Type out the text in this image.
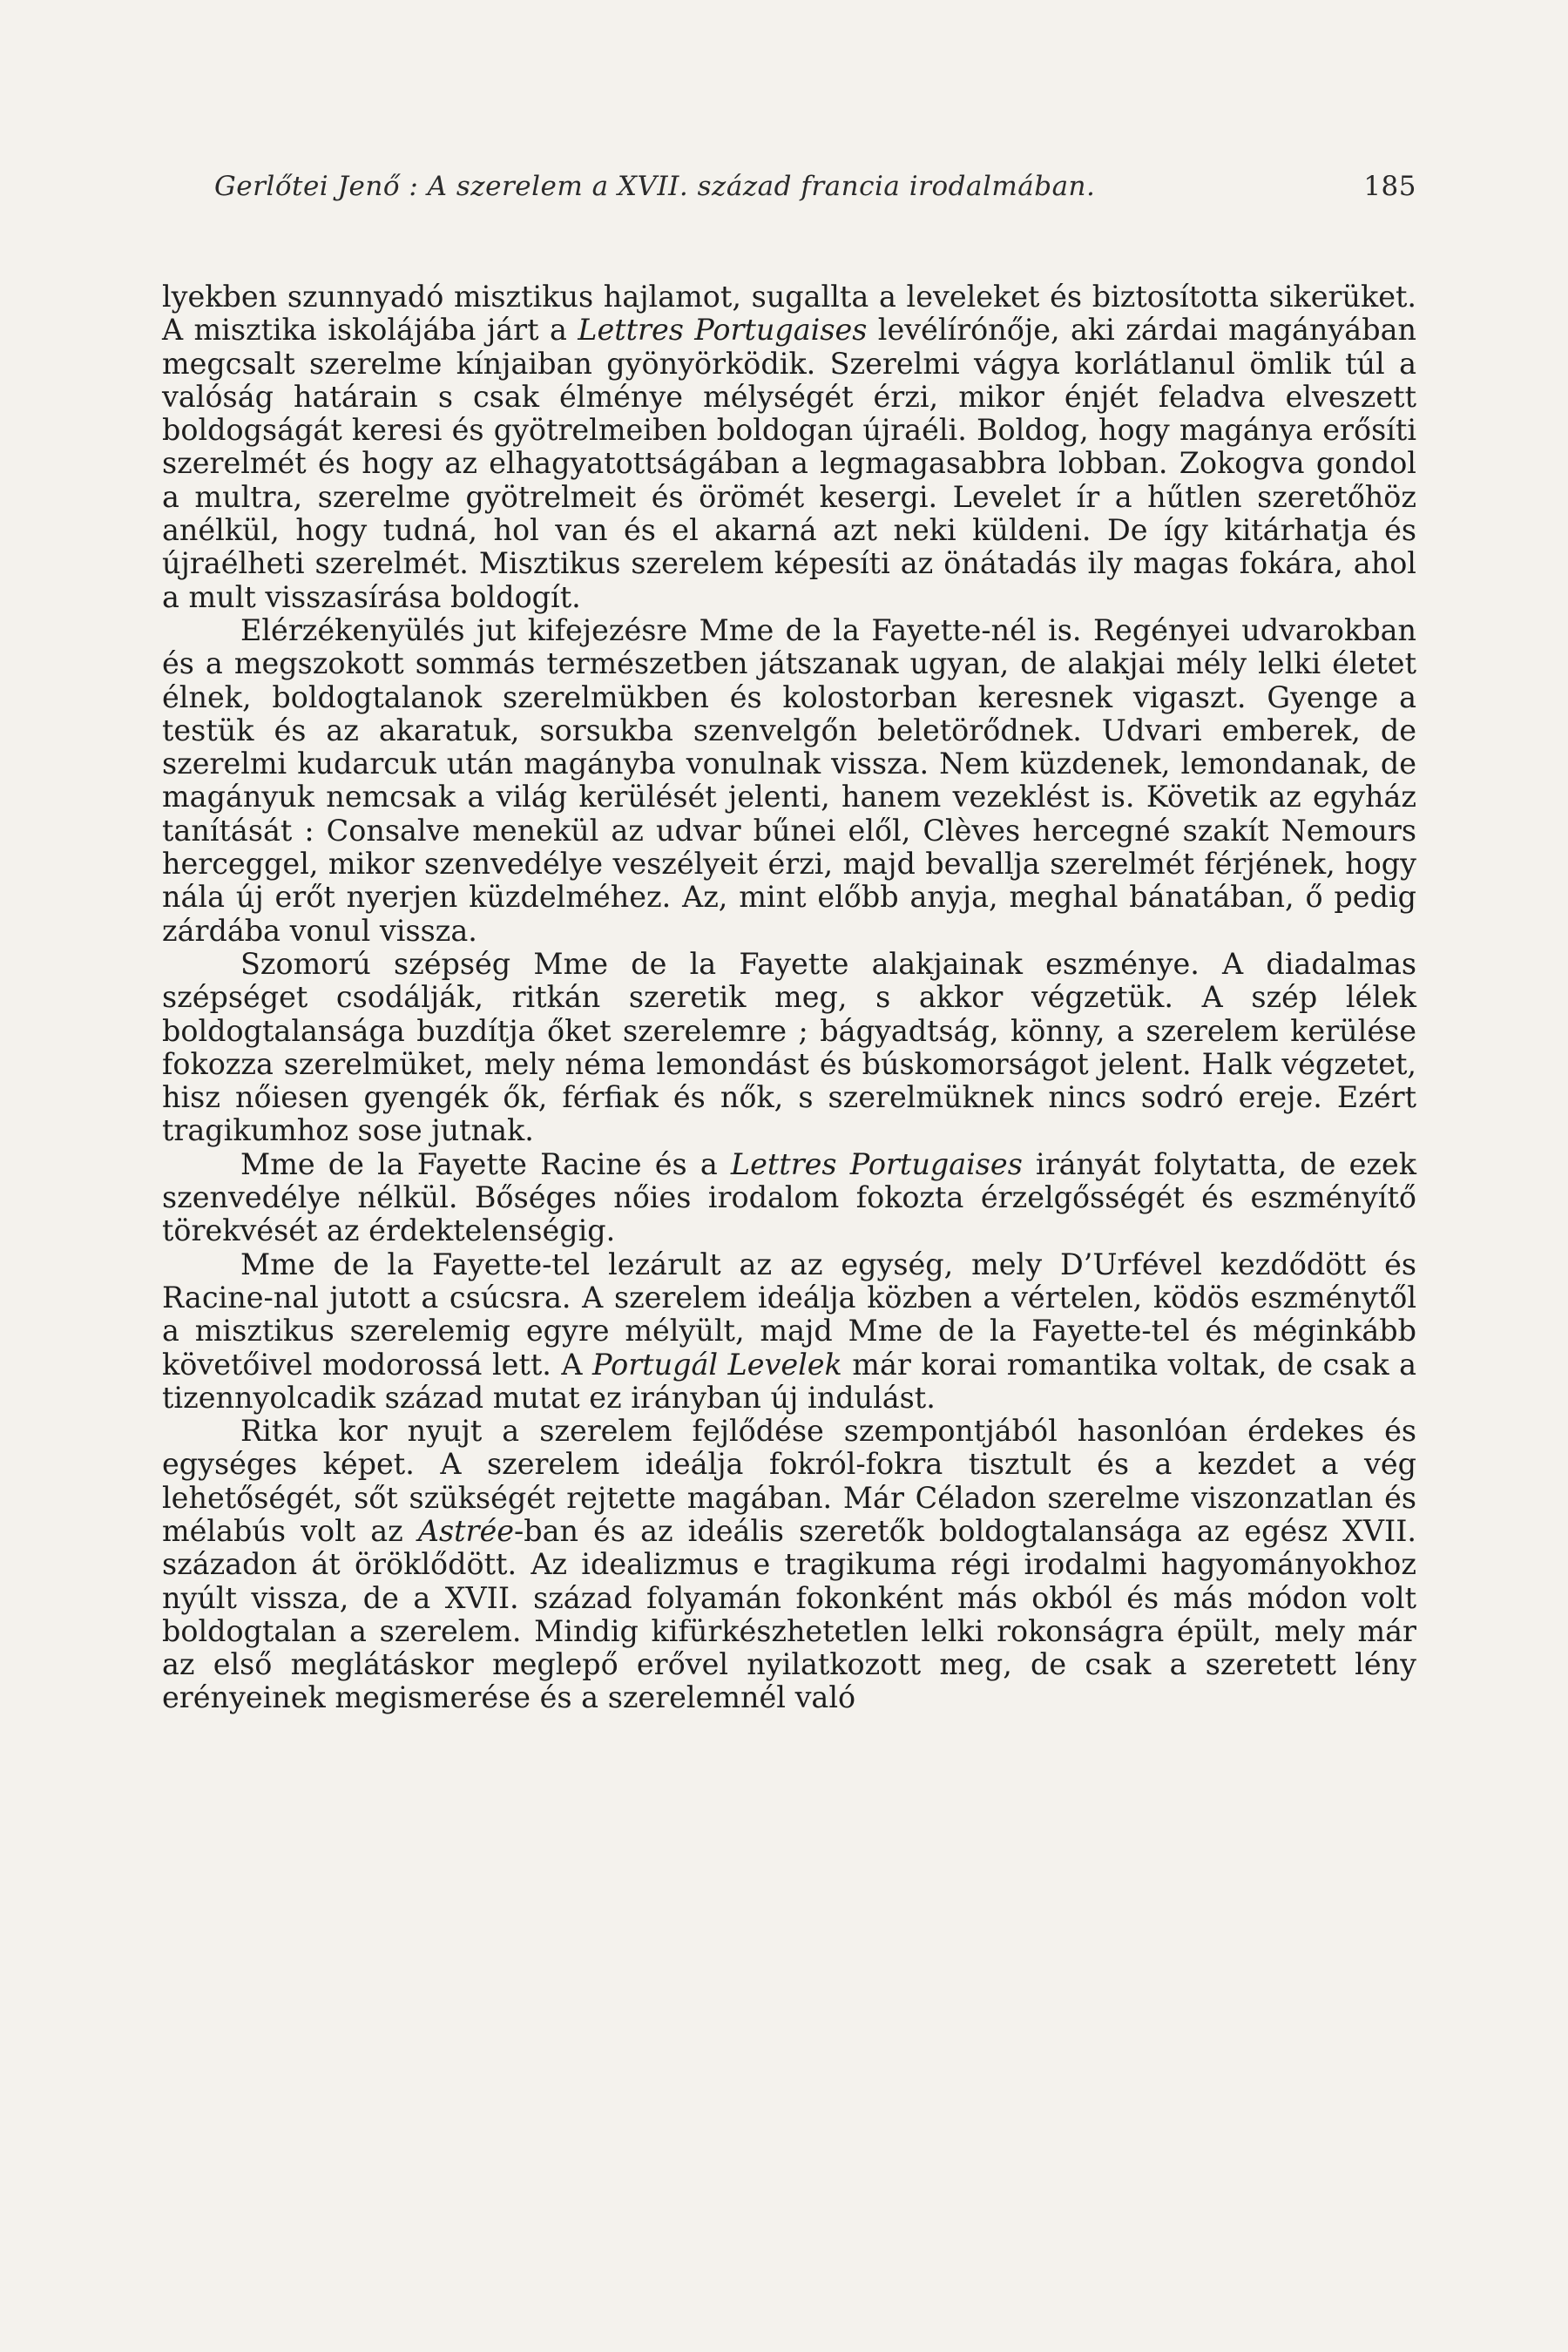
Gerlőtei Jenő : A szerelem a XVII. század francia irodalmában.	185

lyekben szunnyadó misztikus hajlamot, sugallta a leveleket és biztosította sikerüket. A misztika iskolájába járt a Lettres Portugaises levélírónője, aki zárdai magányában megcsalt szerelme kínjaiban gyönyörködik. Szerelmi vágya korlátlanul ömlik túl a valóság határain s csak élménye mélységét érzi, mikor énjét feladva elveszett boldogságát keresi és gyötrelmeiben boldogan újraéli. Boldog, hogy magánya erősíti szerelmét és hogy az elhagyatottságában a legmagasabbra lobban. Zokogva gondol a multra, szerelme gyötrelmeit és örömét kesergi. Levelet ír a hűtlen szeretőhöz anélkül, hogy tudná, hol van és el akarná azt neki küldeni. De így kitárhatja és újraélheti szerelmét. Misztikus szerelem képesíti az önátadás ily magas fokára, ahol a mult visszasírása boldogít.

Elérzékenyülés jut kifejezésre Mme de la Fayette-nél is. Regényei udvarokban és a megszokott sommás természetben játszanak ugyan, de alakjai mély lelki életet élnek, boldogtalanok szerelmükben és kolostorban keresnek vigaszt. Gyenge a testük és az akaratuk, sorsukba szenvelgőn beletörődnek. Udvari emberek, de szerelmi kudarcuk után magányba vonulnak vissza. Nem küzdenek, lemondanak, de magányuk nemcsak a világ kerülését jelenti, hanem vezeklést is. Követik az egyház tanítását : Consalve menekül az udvar bűnei elől, Clèves hercegné szakít Nemours herceggel, mikor szenvedélye veszélyeit érzi, majd bevallja szerelmét férjének, hogy nála új erőt nyerjen küzdelméhez. Az, mint előbb anyja, meghal bánatában, ő pedig zárdába vonul vissza.

Szomorú szépség Mme de la Fayette alakjainak eszménye. A diadalmas szépséget csodálják, ritkán szeretik meg, s akkor végzetük. A szép lélek boldogtalansága buzdítja őket szerelemre ; bágyadtság, könny, a szerelem kerülése fokozza szerelmüket, mely néma lemondást és búskomorságot jelent. Halk végzetet, hisz nőiesen gyengék ők, férfiak és nők, s szerelmüknek nincs sodró ereje. Ezért tragikumhoz sose jutnak.

Mme de la Fayette Racine és a Lettres Portugaises irányát folytatta, de ezek szenvedélye nélkül. Bőséges nőies irodalom fokozta érzelgősségét és eszményítő törekvését az érdektelenségig.

Mme de la Fayette-tel lezárult az az egység, mely D’Urfével kezdődött és Racine-nal jutott a csúcsra. A szerelem ideálja közben a vértelen, ködös eszménytől a misztikus szerelemig egyre mélyült, majd Mme de la Fayette-tel és méginkább követőivel modorossá lett. A Portugál Levelek már korai romantika voltak, de csak a tizennyolcadik század mutat ez irányban új indulást.

Ritka kor nyujt a szerelem fejlődése szempontjából hasonlóan érdekes és egységes képet. A szerelem ideálja fokról-fokra tisztult és a kezdet a vég lehetőségét, sőt szükségét rejtette magában. Már Céladon szerelme viszonzatlan és mélabús volt az Astrée-ban és az ideális szeretők boldogtalansága az egész XVII. századon át öröklődött. Az idealizmus e tragikuma régi irodalmi hagyományokhoz nyúlt vissza, de a XVII. század folyamán fokonként más okból és más módon volt boldogtalan a szerelem. Mindig kifürkészhetetlen lelki rokonságra épült, mely már az első meglátáskor meglepő erővel nyilatkozott meg, de csak a szeretett lény erényeinek megismerése és a szerelemnél való
